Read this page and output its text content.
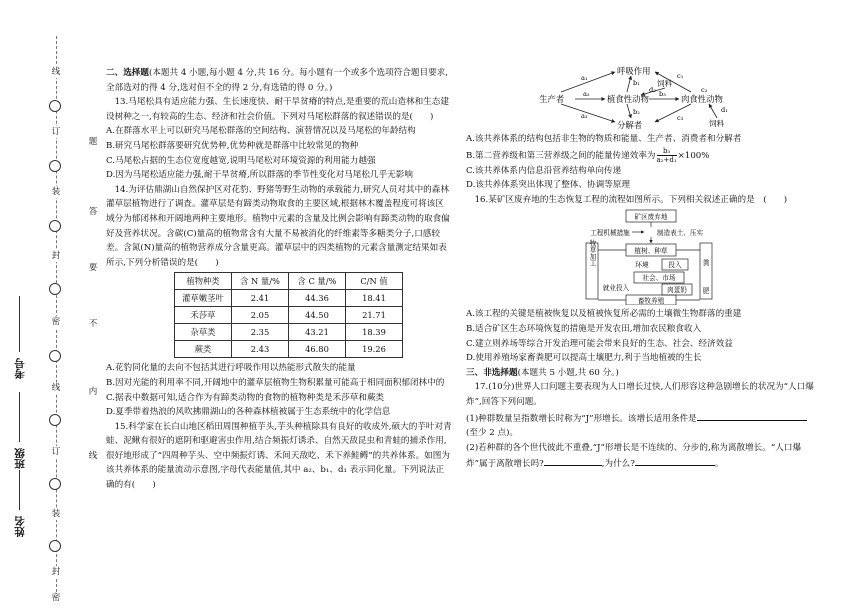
线
订
装
封
密
线
订
装
封
密
题
答
要
不
内
线
考号
班级
姓名

二、选择题(本题共 4 小题,每小题 4 分,共 16 分。每小题有一个或多个选项符合题目要求,全部选对的得 4 分,选对但不全的得 2 分,有选错的得 0 分。)

13.马尾松具有适应能力强、生长速度快、耐干旱贫瘠的特点,是重要的荒山造林和生态建设树种之一,有较高的生态、经济和社会价值。下列对马尾松群落的叙述错误的是(　　)

A.在群落水平上可以研究马尾松群落的空间结构、演替情况以及马尾松的年龄结构

B.研究马尾松群落要研究优势种,优势种就是群落中比较常见的物种

C.马尾松占据的生态位宽度越宽,说明马尾松对环境资源的利用能力越强

D.因为马尾松适应能力强,耐干旱贫瘠,所以群落的季节性变化对马尾松几乎无影响

14.为评估鼎湖山自然保护区对花豹、野猪等野生动物的承载能力,研究人员对其中的森林灌草层植物进行了调查。灌草层是有蹄类动物取食的主要区域,根据林木覆盖程度可将该区域分为郁闭林和开阔地两种主要地形。植物中元素的含量及比例会影响有蹄类动物的取食偏好及营养状况。含碳(C)量高的植物常含有大量不易被消化的纤维素等多糖类分子,口感较差。含氮(N)量高的植物营养成分含量更高。灌草层中的四类植物的元素含量测定结果如表所示,下列分析错误的是(　　)

植物种类	含 N 量/%	含 C 量/%	C/N 值
灌草嫩茎叶	2.41	44.36	18.41
禾莎草	2.05	44.50	21.71
杂草类	2.35	43.21	18.39
蕨类	2.43	46.80	19.26

A.花豹同化量的去向不包括其进行呼吸作用以热能形式散失的能量

B.因对光能的利用率不同,开阔地中的灌草层植物生物积累量可能高于相同面积郁闭林中的

C.据表中数据可知,适合作为有蹄类动物的食物的植物种类是禾莎草和蕨类

D.夏季带着热浪的风吹拂鼎湖山的各种森林植被属于生态系统中的化学信息

15.科学家在长白山地区稻田周围种植芋头,芋头种植除具有良好的收成外,硕大的芋叶对青蛙、泥鳅有很好的遮阴和驱避害虫作用,结合频振灯诱杀、自然天敌昆虫和青蛙的捕杀作用,很好地形成了“四周种芋头、空中频振灯诱、禾间天敌吃、禾下养鲑鳟”的共养体系。如图为该共养体系的能量流动示意图,字母代表能量值,其中 a₂、b₁、d₁ 表示同化量。下列说法正确的有(　　)

生产者
呼吸作用
植食性动物	肉食性动物
分解者
饲料
饲料
a₁
a₂
a₃
b₁
b₂
b₃
c₁
c₂
c₃
d₁
d₂

A.该共养体系的结构包括非生物的物质和能量、生产者、消费者和分解者

B.第二营养级和第三营养级之间的能量传递效率为 $\frac{\text{b₃}}{\text{a₂+d₁}} \times 100\%$

C.该共养体系内信息沿营养结构单向传递

D.该共养体系突出体现了整体、协调等原理

16.某矿区废弃地的生态恢复工程的流程如图所示。下列相关叙述正确的是　(　　)

矿区废弃地
工程机械措施	制造表土、压实
植树、种草
环境	投入
社会、市场
就业投入	肉蛋奶
畜牧养殖
牧草加工	粪
肥

A.该工程的关键是植被恢复以及植被恢复所必需的土壤微生物群落的重建

B.适合矿区生态环境恢复的措施是开发农田,增加农民粮食收入

C.建立则养场等综合开发治理可能会带来良好的生态、社会、经济效益

D.使用养殖场家畜粪肥可以提高土壤肥力,利于当地植被的生长

三、非选择题(本题共 5 小题,共 60 分。)

17.(10分)世界人口问题主要表现为人口增长过快,人们形容这种急剧增长的状况为“人口爆炸”,回答下列问题。

(1)种群数量呈指数增长时称为“J”形增长。该增长适用条件是

(至少 2 点)。

(2)若种群的各个世代彼此不重叠,“J”形增长是不连续的、分步的,称为离散增长。“人口爆炸”属于离散增长吗?	,为什么?	。
